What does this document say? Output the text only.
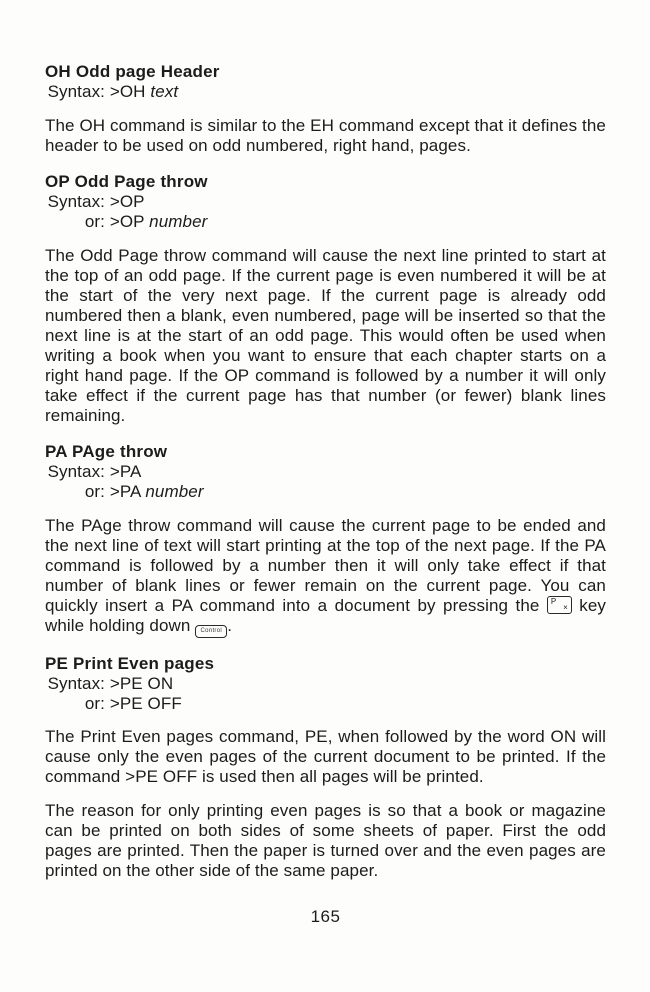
OH Odd page Header
Syntax: >OH text

The OH command is similar to the EH command except that it defines the header to be used on odd numbered, right hand, pages.

OP Odd Page throw
Syntax: >OP
or: >OP number

The Odd Page throw command will cause the next line printed to start at the top of an odd page. If the current page is even numbered it will be at the start of the very next page. If the current page is already odd numbered then a blank, even numbered, page will be inserted so that the next line is at the start of an odd page. This would often be used when writing a book when you want to ensure that each chapter starts on a right hand page. If the OP command is followed by a number it will only take effect if the current page has that number (or fewer) blank lines remaining.

PA PAge throw
Syntax: >PA
or: >PA number

The PAge throw command will cause the current page to be ended and the next line of text will start printing at the top of the next page. If the PA command is followed by a number then it will only take effect if that number of blank lines or fewer remain on the current page. You can quickly insert a PA command into a document by pressing the P
× key while holding down Control .

PE Print Even pages
Syntax: >PE ON
or: >PE OFF

The Print Even pages command, PE, when followed by the word ON will cause only the even pages of the current document to be printed. If the command >PE OFF is used then all pages will be printed.

The reason for only printing even pages is so that a book or magazine can be printed on both sides of some sheets of paper. First the odd pages are printed. Then the paper is turned over and the even pages are printed on the other side of the same paper.

165
